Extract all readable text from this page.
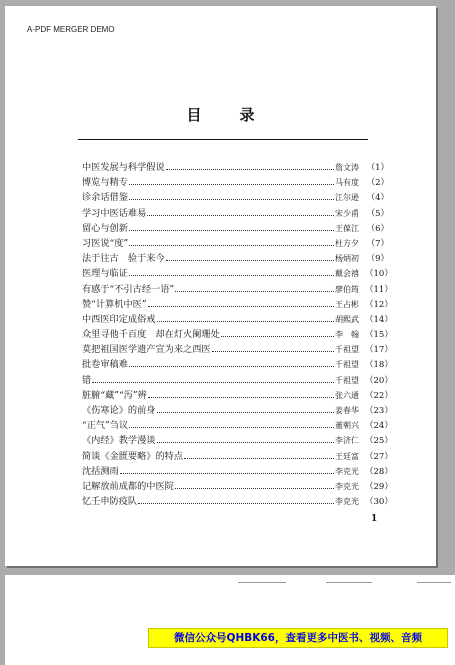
A-PDF MERGER DEMO
目录
中医发展与科学假说	詹文涛 （1）
博览与精专	马有度 （2）
诊余话借鉴	江尔逊 （4）
学习中医话难易	宋少甫 （5）
留心与创新	王葆江 （6）
习医说“度”	杜方夕 （7）
法于往古　验于来今	杨炳初 （9）
医理与临证	戴会禧 （10）
有感于“不引古经一语”	廖伯筠 （11）
赞“计算机中医”	王占彬 （12）
中西医印定成俗戒	胡熙武 （14）
众里寻他千百度　却在灯火阑珊处	李　翰 （15）
莫把祖国医学遗产宣为来之西医	千祖望 （17）
批卷审稿难	千祖望 （18）
错	千祖望 （20）
脏腑“藏”“泻”辨	张六通 （22）
《伤寒论》的前身	姜春华 （23）
“正气”刍议	董朝兴 （24）
《内经》教学漫谈	李济仁 （25）
简谈《金匮要略》的特点	王廷富 （27）
沈括测雨	李克光 （28）
记解放前成都的中医院	李克光 （29）
忆壬申防疫队	李克光 （30）
1
微信公众号QHBK66，查看更多中医书、视频、音频
